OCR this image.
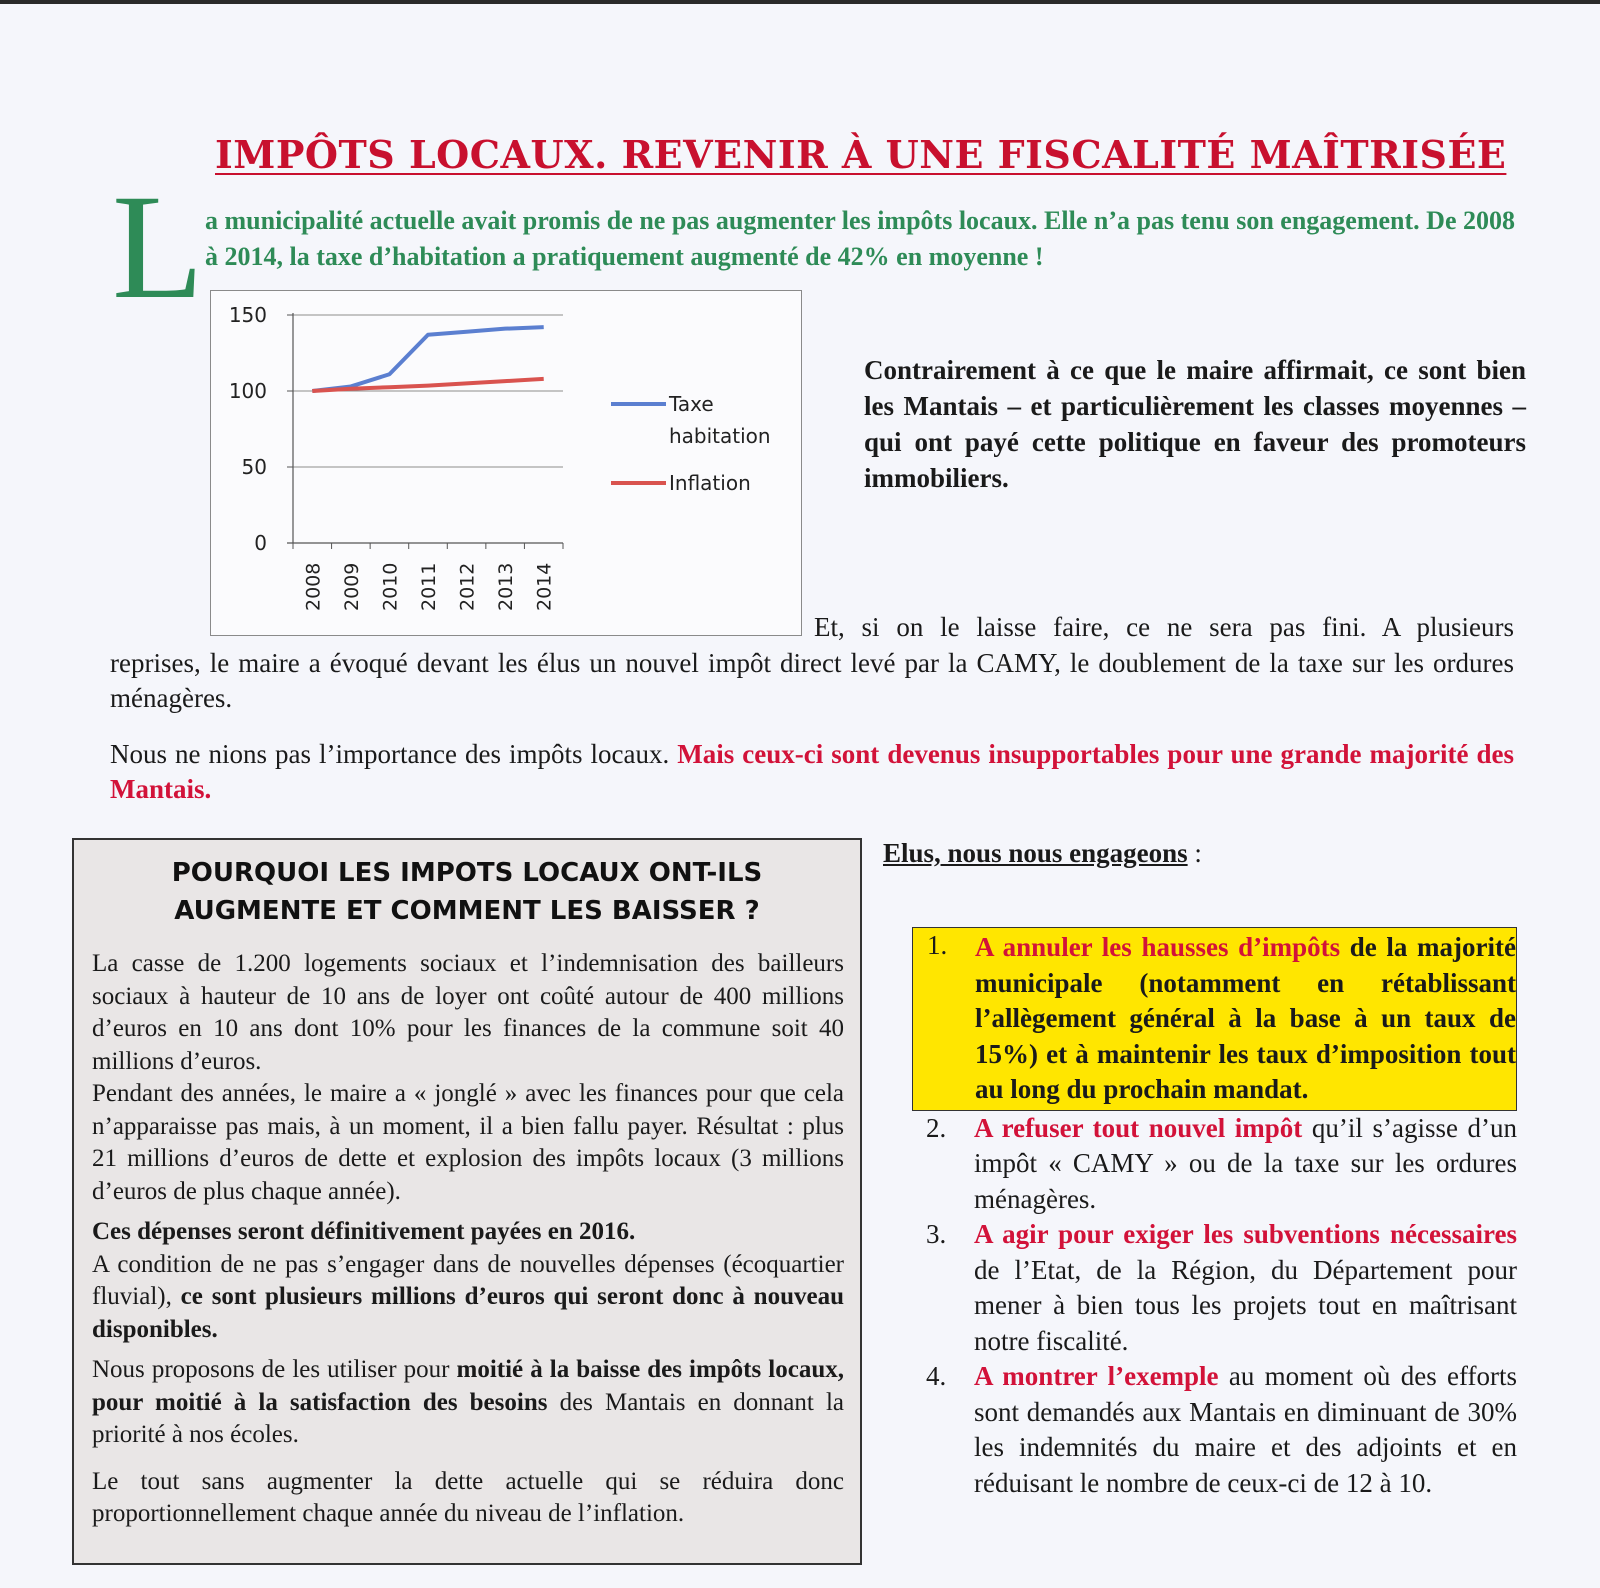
IMPÔTS LOCAUX. REVENIR À UNE FISCALITÉ MAÎTRISÉE
L a municipalité actuelle avait promis de ne pas augmenter les impôts locaux. Elle n’a pas tenu son engagement. De 2008 à 2014, la taxe d’habitation a pratiquement augmenté de 42% en moyenne !

150
100
50
0
2008 2009 2010 2011 2012 2013 2014
Taxe
habitation
Inflation

Contrairement à ce que le maire affirmait, ce sont bien les Mantais – et particulièrement les classes moyennes – qui ont payé cette politique en faveur des promoteurs immobiliers.

Et, si on le laisse faire, ce ne sera pas fini. A plusieurs

reprises, le maire a évoqué devant les élus un nouvel impôt direct levé par la CAMY, le doublement de la taxe sur les ordures ménagères.

Nous ne nions pas l’importance des impôts locaux. Mais ceux-ci sont devenus insupportables pour une grande majorité des Mantais.

POURQUOI LES IMPOTS LOCAUX ONT-ILS
AUGMENTE ET COMMENT LES BAISSER ?

La casse de 1.200 logements sociaux et l’indemnisation des bailleurs sociaux à hauteur de 10 ans de loyer ont coûté autour de 400 millions d’euros en 10 ans dont 10% pour les finances de la commune soit 40 millions d’euros.

Pendant des années, le maire a « jonglé » avec les finances pour que cela n’apparaisse pas mais, à un moment, il a bien fallu payer. Résultat : plus 21 millions d’euros de dette et explosion des impôts locaux (3 millions d’euros de plus chaque année).

Ces dépenses seront définitivement payées en 2016.

A condition de ne pas s’engager dans de nouvelles dépenses (écoquartier fluvial), ce sont plusieurs millions d’euros qui seront donc à nouveau disponibles.

Nous proposons de les utiliser pour moitié à la baisse des impôts locaux, pour moitié à la satisfaction des besoins des Mantais en donnant la priorité à nos écoles.

Le tout sans augmenter la dette actuelle qui se réduira donc proportionnellement chaque année du niveau de l’inflation.

Elus, nous nous engageons :
1. A annuler les hausses d’impôts de la majorité municipale (notamment en rétablissant l’allègement général à la base à un taux de 15%) et à maintenir les taux d’imposition tout au long du prochain mandat.
2. A refuser tout nouvel impôt qu’il s’agisse d’un impôt « CAMY » ou de la taxe sur les ordures ménagères.
3. A agir pour exiger les subventions nécessaires de l’Etat, de la Région, du Département pour mener à bien tous les projets tout en maîtrisant notre fiscalité.
4. A montrer l’exemple au moment où des efforts sont demandés aux Mantais en diminuant de 30% les indemnités du maire et des adjoints et en réduisant le nombre de ceux-ci de 12 à 10.
